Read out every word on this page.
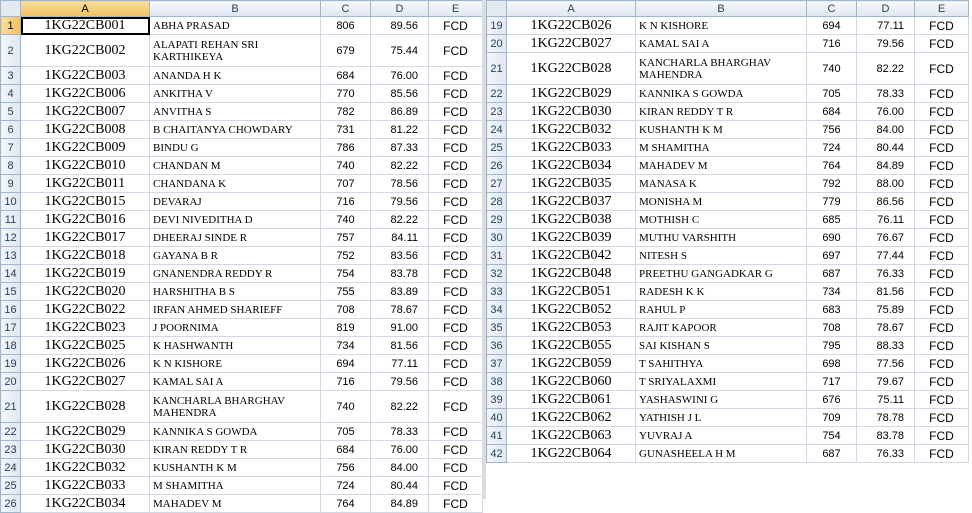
	A	B	C	D	E
1	1KG22CB001	ABHA PRASAD	806	89.56	FCD
2	1KG22CB002	ALAPATI REHAN SRI KARTHIKEYA	679	75.44	FCD
3	1KG22CB003	ANANDA H K	684	76.00	FCD
4	1KG22CB006	ANKITHA V	770	85.56	FCD
5	1KG22CB007	ANVITHA S	782	86.89	FCD
6	1KG22CB008	B CHAITANYA CHOWDARY	731	81.22	FCD
7	1KG22CB009	BINDU G	786	87.33	FCD
8	1KG22CB010	CHANDAN M	740	82.22	FCD
9	1KG22CB011	CHANDANA K	707	78.56	FCD
10	1KG22CB015	DEVARAJ	716	79.56	FCD
11	1KG22CB016	DEVI NIVEDITHA D	740	82.22	FCD
12	1KG22CB017	DHEERAJ SINDE R	757	84.11	FCD
13	1KG22CB018	GAYANA B R	752	83.56	FCD
14	1KG22CB019	GNANENDRA REDDY R	754	83.78	FCD
15	1KG22CB020	HARSHITHA B S	755	83.89	FCD
16	1KG22CB022	IRFAN AHMED SHARIEFF	708	78.67	FCD
17	1KG22CB023	J POORNIMA	819	91.00	FCD
18	1KG22CB025	K HASHWANTH	734	81.56	FCD
19	1KG22CB026	K N KISHORE	694	77.11	FCD
20	1KG22CB027	KAMAL SAI A	716	79.56	FCD
21	1KG22CB028	KANCHARLA BHARGHAV MAHENDRA	740	82.22	FCD
22	1KG22CB029	KANNIKA S GOWDA	705	78.33	FCD
23	1KG22CB030	KIRAN REDDY T R	684	76.00	FCD
24	1KG22CB032	KUSHANTH K M	756	84.00	FCD
25	1KG22CB033	M SHAMITHA	724	80.44	FCD
26	1KG22CB034	MAHADEV M	764	84.89	FCD
	A	B	C	D	E
19	1KG22CB026	K N KISHORE	694	77.11	FCD
20	1KG22CB027	KAMAL SAI A	716	79.56	FCD
21	1KG22CB028	KANCHARLA BHARGHAV MAHENDRA	740	82.22	FCD
22	1KG22CB029	KANNIKA S GOWDA	705	78.33	FCD
23	1KG22CB030	KIRAN REDDY T R	684	76.00	FCD
24	1KG22CB032	KUSHANTH K M	756	84.00	FCD
25	1KG22CB033	M SHAMITHA	724	80.44	FCD
26	1KG22CB034	MAHADEV M	764	84.89	FCD
27	1KG22CB035	MANASA K	792	88.00	FCD
28	1KG22CB037	MONISHA M	779	86.56	FCD
29	1KG22CB038	MOTHISH C	685	76.11	FCD
30	1KG22CB039	MUTHU VARSHITH	690	76.67	FCD
31	1KG22CB042	NITESH S	697	77.44	FCD
32	1KG22CB048	PREETHU GANGADKAR G	687	76.33	FCD
33	1KG22CB051	RADESH K K	734	81.56	FCD
34	1KG22CB052	RAHUL P	683	75.89	FCD
35	1KG22CB053	RAJIT KAPOOR	708	78.67	FCD
36	1KG22CB055	SAI KISHAN S	795	88.33	FCD
37	1KG22CB059	T SAHITHYA	698	77.56	FCD
38	1KG22CB060	T SRIYALAXMI	717	79.67	FCD
39	1KG22CB061	YASHASWINI G	676	75.11	FCD
40	1KG22CB062	YATHISH J L	709	78.78	FCD
41	1KG22CB063	YUVRAJ A	754	83.78	FCD
42	1KG22CB064	GUNASHEELA H M	687	76.33	FCD
